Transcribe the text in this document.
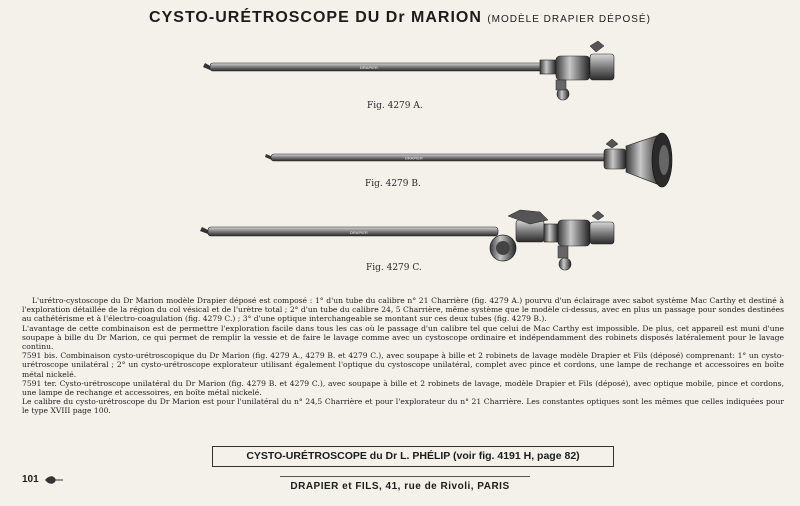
CYSTO-URÉTROSCOPE DU Dr MARION (MODÈLE DRAPIER DÉPOSÉ)
DRAPIER
Fig. 4279 A.
DRAPIER
Fig. 4279 B.
DRAPIER
Fig. 4279 C.

L'urétro-cystoscope du Dr Marion modèle Drapier déposé est composé : 1° d'un tube du calibre n° 21 Charrière (fig. 4279 A.) pourvu d'un éclairage avec sabot système Mac Carthy et destiné à l'exploration détaillée de la région du col vésical et de l'urètre total ; 2° d'un tube du calibre 24, 5 Charrière, même système que le modèle ci-dessus, avec en plus un passage pour sondes destinées au cathétérisme et à l'électro-coagulation (fig. 4279 C.) ; 3° d'une optique interchangeable se montant sur ces deux tubes (fig. 4279 B.).

L'avantage de cette combinaison est de permettre l'exploration facile dans tous les cas où le passage d'un calibre tel que celui de Mac Carthy est impossible. De plus, cet appareil est muni d'une soupape à bille du Dr Marion, ce qui permet de remplir la vessie et de faire le lavage comme avec un cystoscope ordinaire et indépendamment des robinets disposés latéralement pour le lavage continu.

7591 bis. Combinaison cysto-urétroscopique du Dr Marion (fig. 4279 A., 4279 B. et 4279 C.), avec soupape à bille et 2 robinets de lavage modèle Drapier et Fils (déposé) comprenant: 1° un cysto-urétroscope unilatéral ; 2° un cysto-urétroscope explorateur utilisant également l'optique du cystoscope unilatéral, complet avec pince et cordons, une lampe de rechange et accessoires en boîte métal nickelé.

7591 ter. Cysto-urétroscope unilatéral du Dr Marion (fig. 4279 B. et 4279 C.), avec soupape à bille et 2 robinets de lavage, modèle Drapier et Fils (déposé), avec optique mobile, pince et cordons, une lampe de rechange et accessoires, en boîte métal nickelé.

Le calibre du cysto-urétroscope du Dr Marion est pour l'unilatéral du n° 24,5 Charrière et pour l'explorateur du n° 21 Charrière. Les constantes optiques sont les mêmes que celles indiquées pour le type XVIII page 100.

CYSTO-URÉTROSCOPE du Dr L. PHÉLIP (voir fig. 4191 H, page 82)
101
DRAPIER et FILS, 41, rue de Rivoli, PARIS
